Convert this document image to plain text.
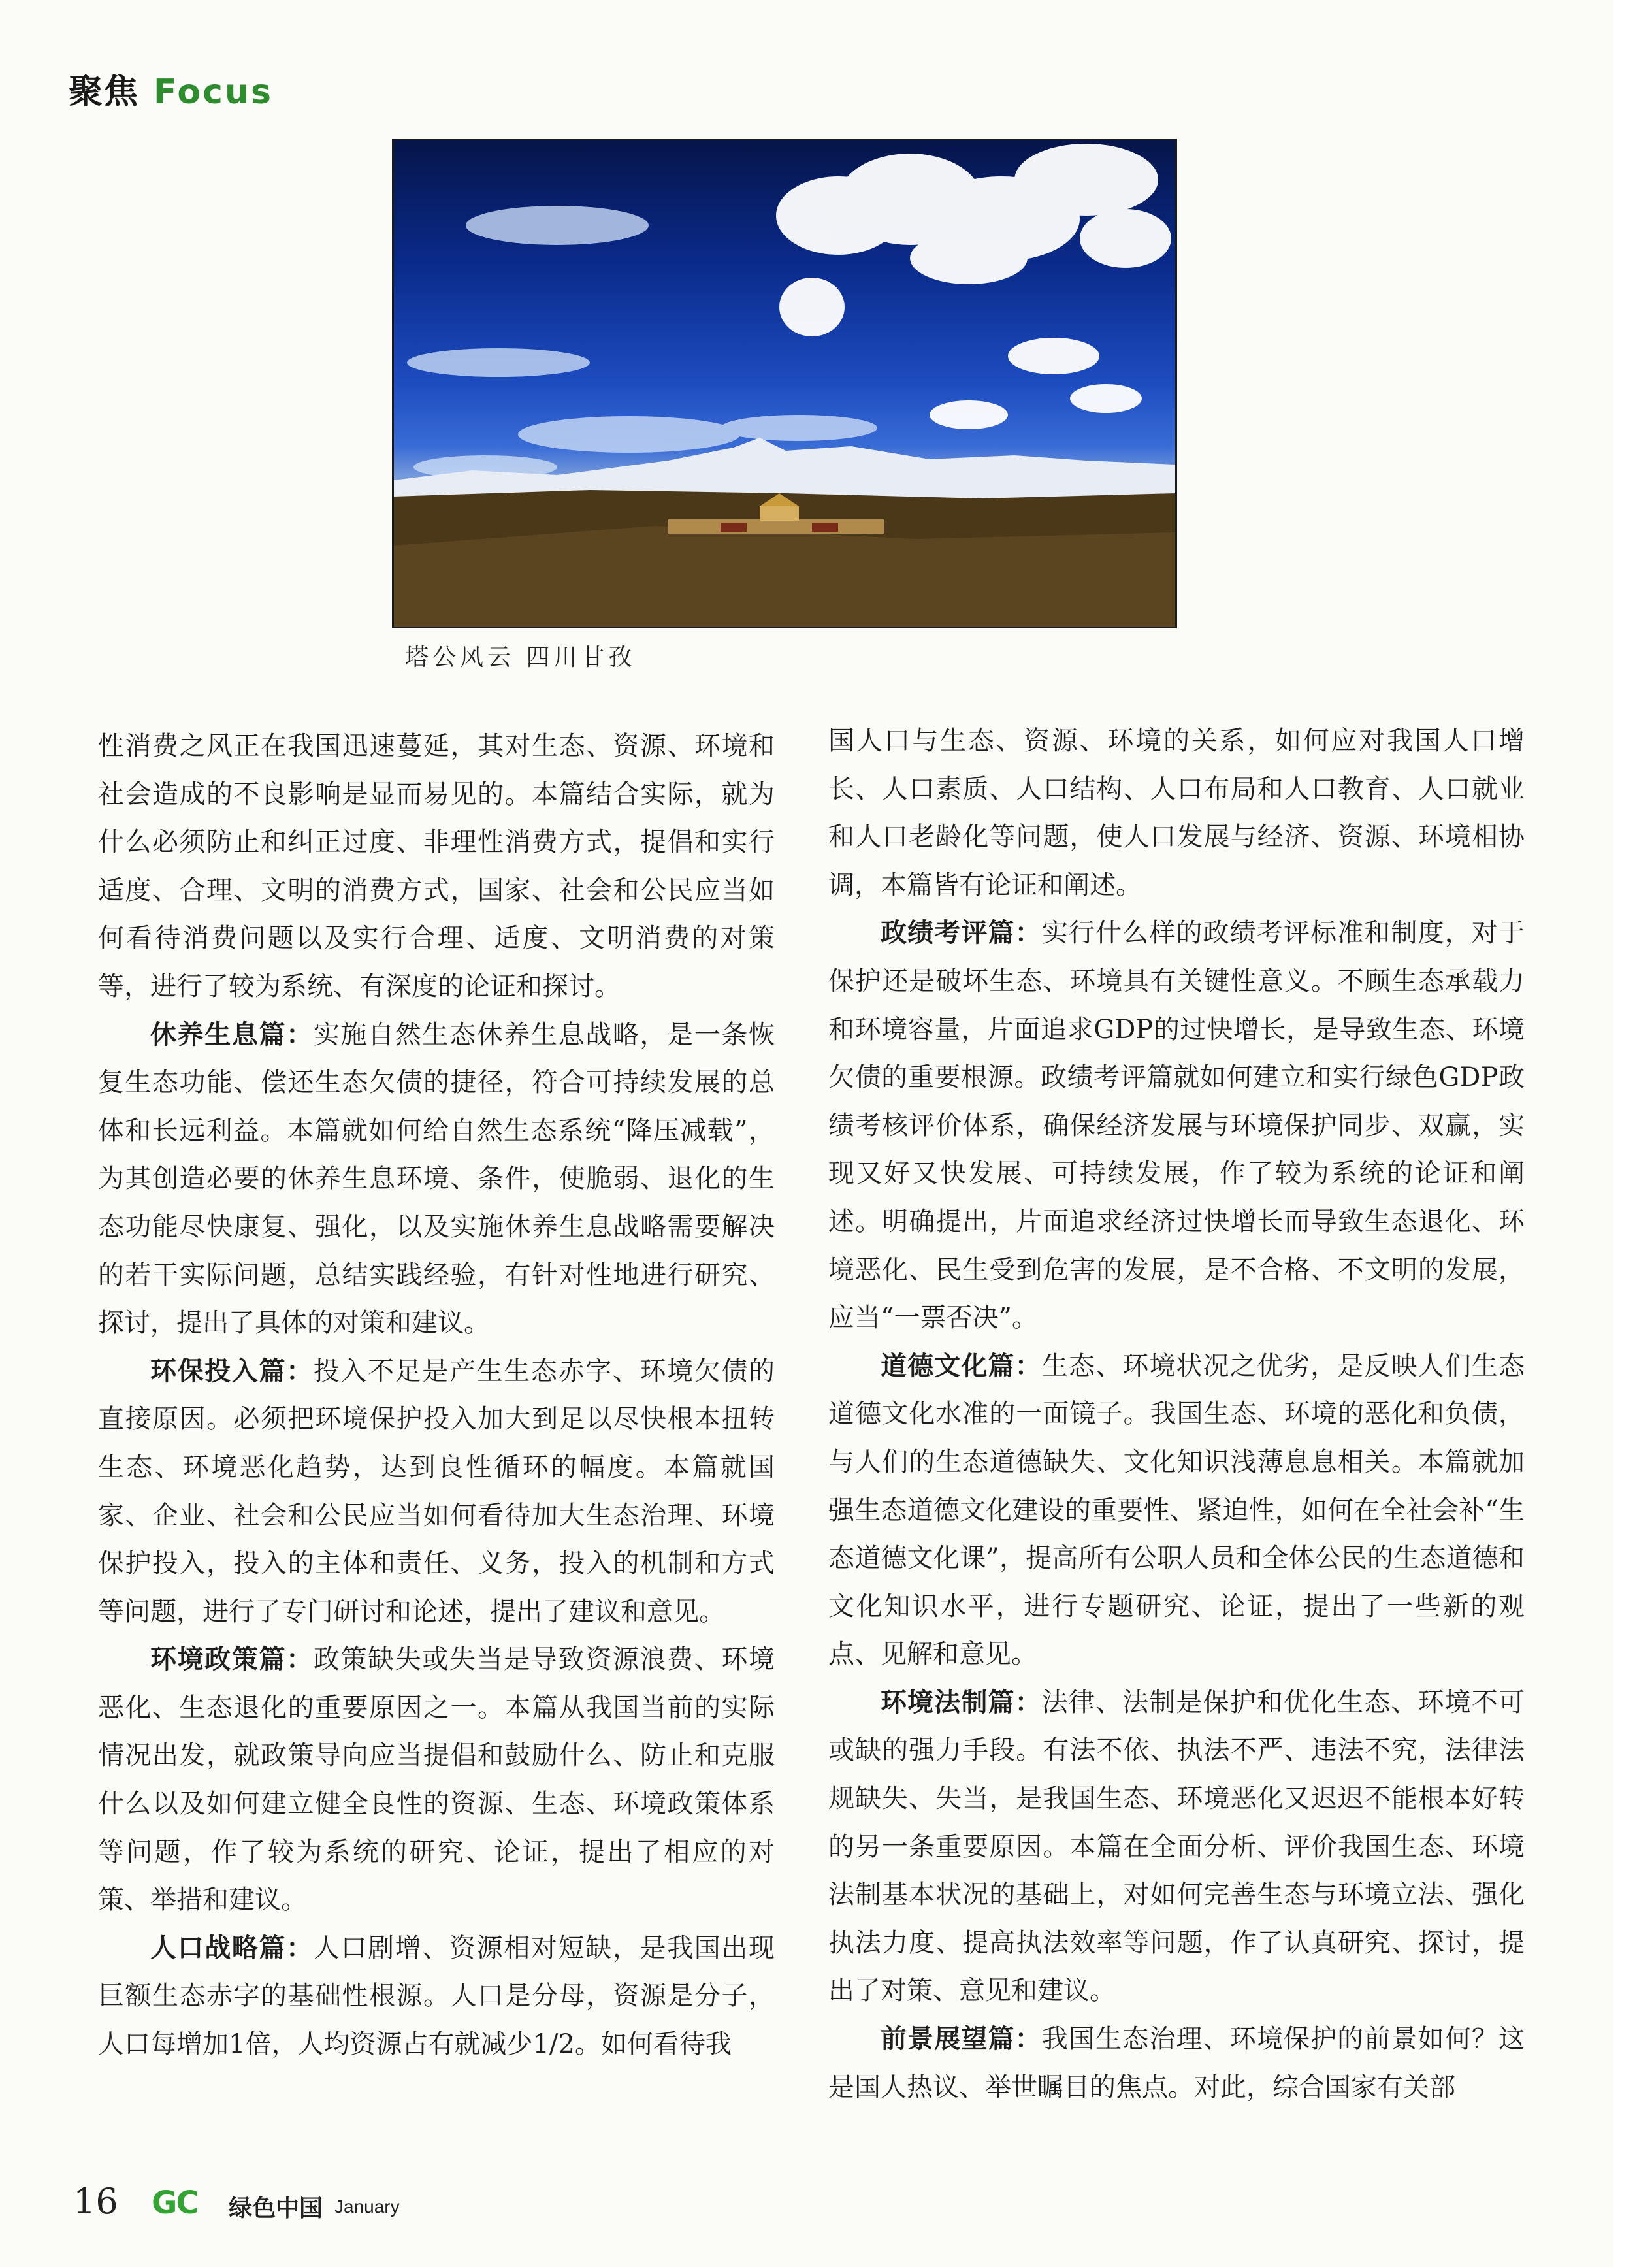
聚焦 Focus
塔公风云 四川甘孜

性消费之风正在我国迅速蔓延，其对生态、资源、环境和社会造成的不良影响是显而易见的。本篇结合实际，就为什么必须防止和纠正过度、非理性消费方式，提倡和实行适度、合理、文明的消费方式，国家、社会和公民应当如何看待消费问题以及实行合理、适度、文明消费的对策等，进行了较为系统、有深度的论证和探讨。

休养生息篇：实施自然生态休养生息战略，是一条恢复生态功能、偿还生态欠债的捷径，符合可持续发展的总体和长远利益。本篇就如何给自然生态系统“降压减载”，为其创造必要的休养生息环境、条件，使脆弱、退化的生态功能尽快康复、强化，以及实施休养生息战略需要解决的若干实际问题，总结实践经验，有针对性地进行研究、探讨，提出了具体的对策和建议。

环保投入篇：投入不足是产生生态赤字、环境欠债的直接原因。必须把环境保护投入加大到足以尽快根本扭转生态、环境恶化趋势，达到良性循环的幅度。本篇就国家、企业、社会和公民应当如何看待加大生态治理、环境保护投入，投入的主体和责任、义务，投入的机制和方式等问题，进行了专门研讨和论述，提出了建议和意见。

环境政策篇：政策缺失或失当是导致资源浪费、环境恶化、生态退化的重要原因之一。本篇从我国当前的实际情况出发，就政策导向应当提倡和鼓励什么、防止和克服什么以及如何建立健全良性的资源、生态、环境政策体系等问题，作了较为系统的研究、论证，提出了相应的对策、举措和建议。

人口战略篇：人口剧增、资源相对短缺，是我国出现巨额生态赤字的基础性根源。人口是分母，资源是分子，人口每增加1倍，人均资源占有就减少1/2。如何看待我

国人口与生态、资源、环境的关系，如何应对我国人口增长、人口素质、人口结构、人口布局和人口教育、人口就业和人口老龄化等问题，使人口发展与经济、资源、环境相协调，本篇皆有论证和阐述。

政绩考评篇：实行什么样的政绩考评标准和制度，对于保护还是破坏生态、环境具有关键性意义。不顾生态承载力和环境容量，片面追求GDP的过快增长，是导致生态、环境欠债的重要根源。政绩考评篇就如何建立和实行绿色GDP政绩考核评价体系，确保经济发展与环境保护同步、双赢，实现又好又快发展、可持续发展，作了较为系统的论证和阐述。明确提出，片面追求经济过快增长而导致生态退化、环境恶化、民生受到危害的发展，是不合格、不文明的发展，应当“一票否决”。

道德文化篇：生态、环境状况之优劣，是反映人们生态道德文化水准的一面镜子。我国生态、环境的恶化和负债，与人们的生态道德缺失、文化知识浅薄息息相关。本篇就加强生态道德文化建设的重要性、紧迫性，如何在全社会补“生态道德文化课”，提高所有公职人员和全体公民的生态道德和文化知识水平，进行专题研究、论证，提出了一些新的观点、见解和意见。

环境法制篇：法律、法制是保护和优化生态、环境不可或缺的强力手段。有法不依、执法不严、违法不究，法律法规缺失、失当，是我国生态、环境恶化又迟迟不能根本好转的另一条重要原因。本篇在全面分析、评价我国生态、环境法制基本状况的基础上，对如何完善生态与环境立法、强化执法力度、提高执法效率等问题，作了认真研究、探讨，提出了对策、意见和建议。

前景展望篇：我国生态治理、环境保护的前景如何？这是国人热议、举世瞩目的焦点。对此，综合国家有关部

16 GC 绿色中国 January
